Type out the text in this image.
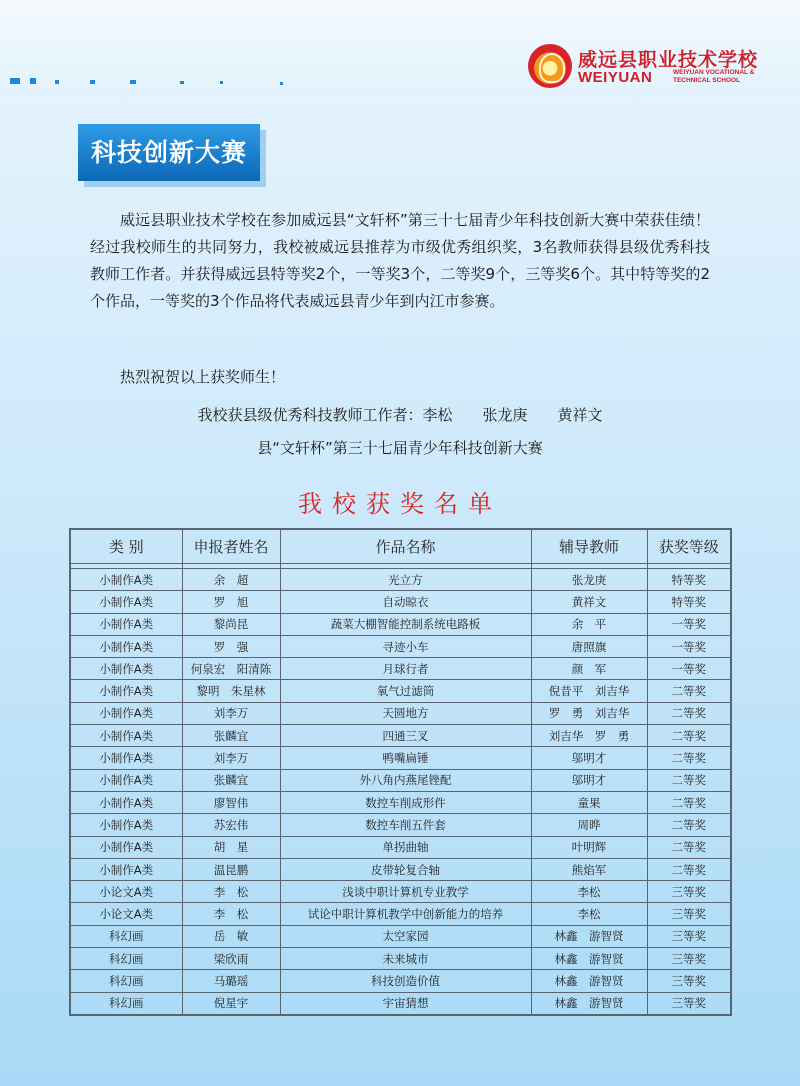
威远县职业技术学校
WEIYUAN	WEIYUAN VOCATIONAL & TECHNICAL SCHOOL
科技创新大赛
威远县职业技术学校在参加威远县“文轩杯”第三十七届青少年科技创新大赛中荣获佳绩！经过我校师生的共同努力，我校被威远县推荐为市级优秀组织奖，3名教师获得县级优秀科技教师工作者。并获得威远县特等奖2个，一等奖3个，二等奖9个，三等奖6个。其中特等奖的2个作品，一等奖的3个作品将代表威远县青少年到内江市参赛。
热烈祝贺以上获奖师生！
我校获县级优秀科技教师工作者：李松　　张龙庚　　黄祥文
县“文轩杯”第三十七届青少年科技创新大赛
我校获奖名单
类 别	申报者姓名	作品名称	辅导教师	获奖等级

小制作A类	余　超	光立方	张龙庚	特等奖
小制作A类	罗　旭	自动晾衣	黄祥文	特等奖
小制作A类	黎尚昆	蔬菜大棚智能控制系统电路板	余　平	一等奖
小制作A类	罗　强	寻迹小车	唐照旗	一等奖
小制作A类	何泉宏　阳清陈	月球行者	颜　军	一等奖
小制作A类	黎明　朱星林	氧气过滤筒	倪昔平　刘吉华	二等奖
小制作A类	刘李万	天圆地方	罗　勇　刘吉华	二等奖
小制作A类	张麟宜	四通三叉	刘吉华　罗　勇	二等奖
小制作A类	刘李万	鸭嘴扁锤	邬明才	二等奖
小制作A类	张麟宜	外八角内燕尾锉配	邬明才	二等奖
小制作A类	廖智伟	数控车削成形件	童果	二等奖
小制作A类	苏宏伟	数控车削五件套	周晔	二等奖
小制作A类	胡　星	单拐曲轴	叶明辉	二等奖
小制作A类	温昆鹏	皮带轮复合轴	熊焰军	二等奖
小论文A类	李　松	浅谈中职计算机专业教学	李松	三等奖
小论文A类	李　松	试论中职计算机教学中创新能力的培养	李松	三等奖
科幻画	岳　敏	太空家园	林鑫　游智贤	三等奖
科幻画	梁欣雨	未来城市	林鑫　游智贤	三等奖
科幻画	马璐瑶	科技创造价值	林鑫　游智贤	三等奖
科幻画	倪星宇	宇宙猜想	林鑫　游智贤	三等奖
